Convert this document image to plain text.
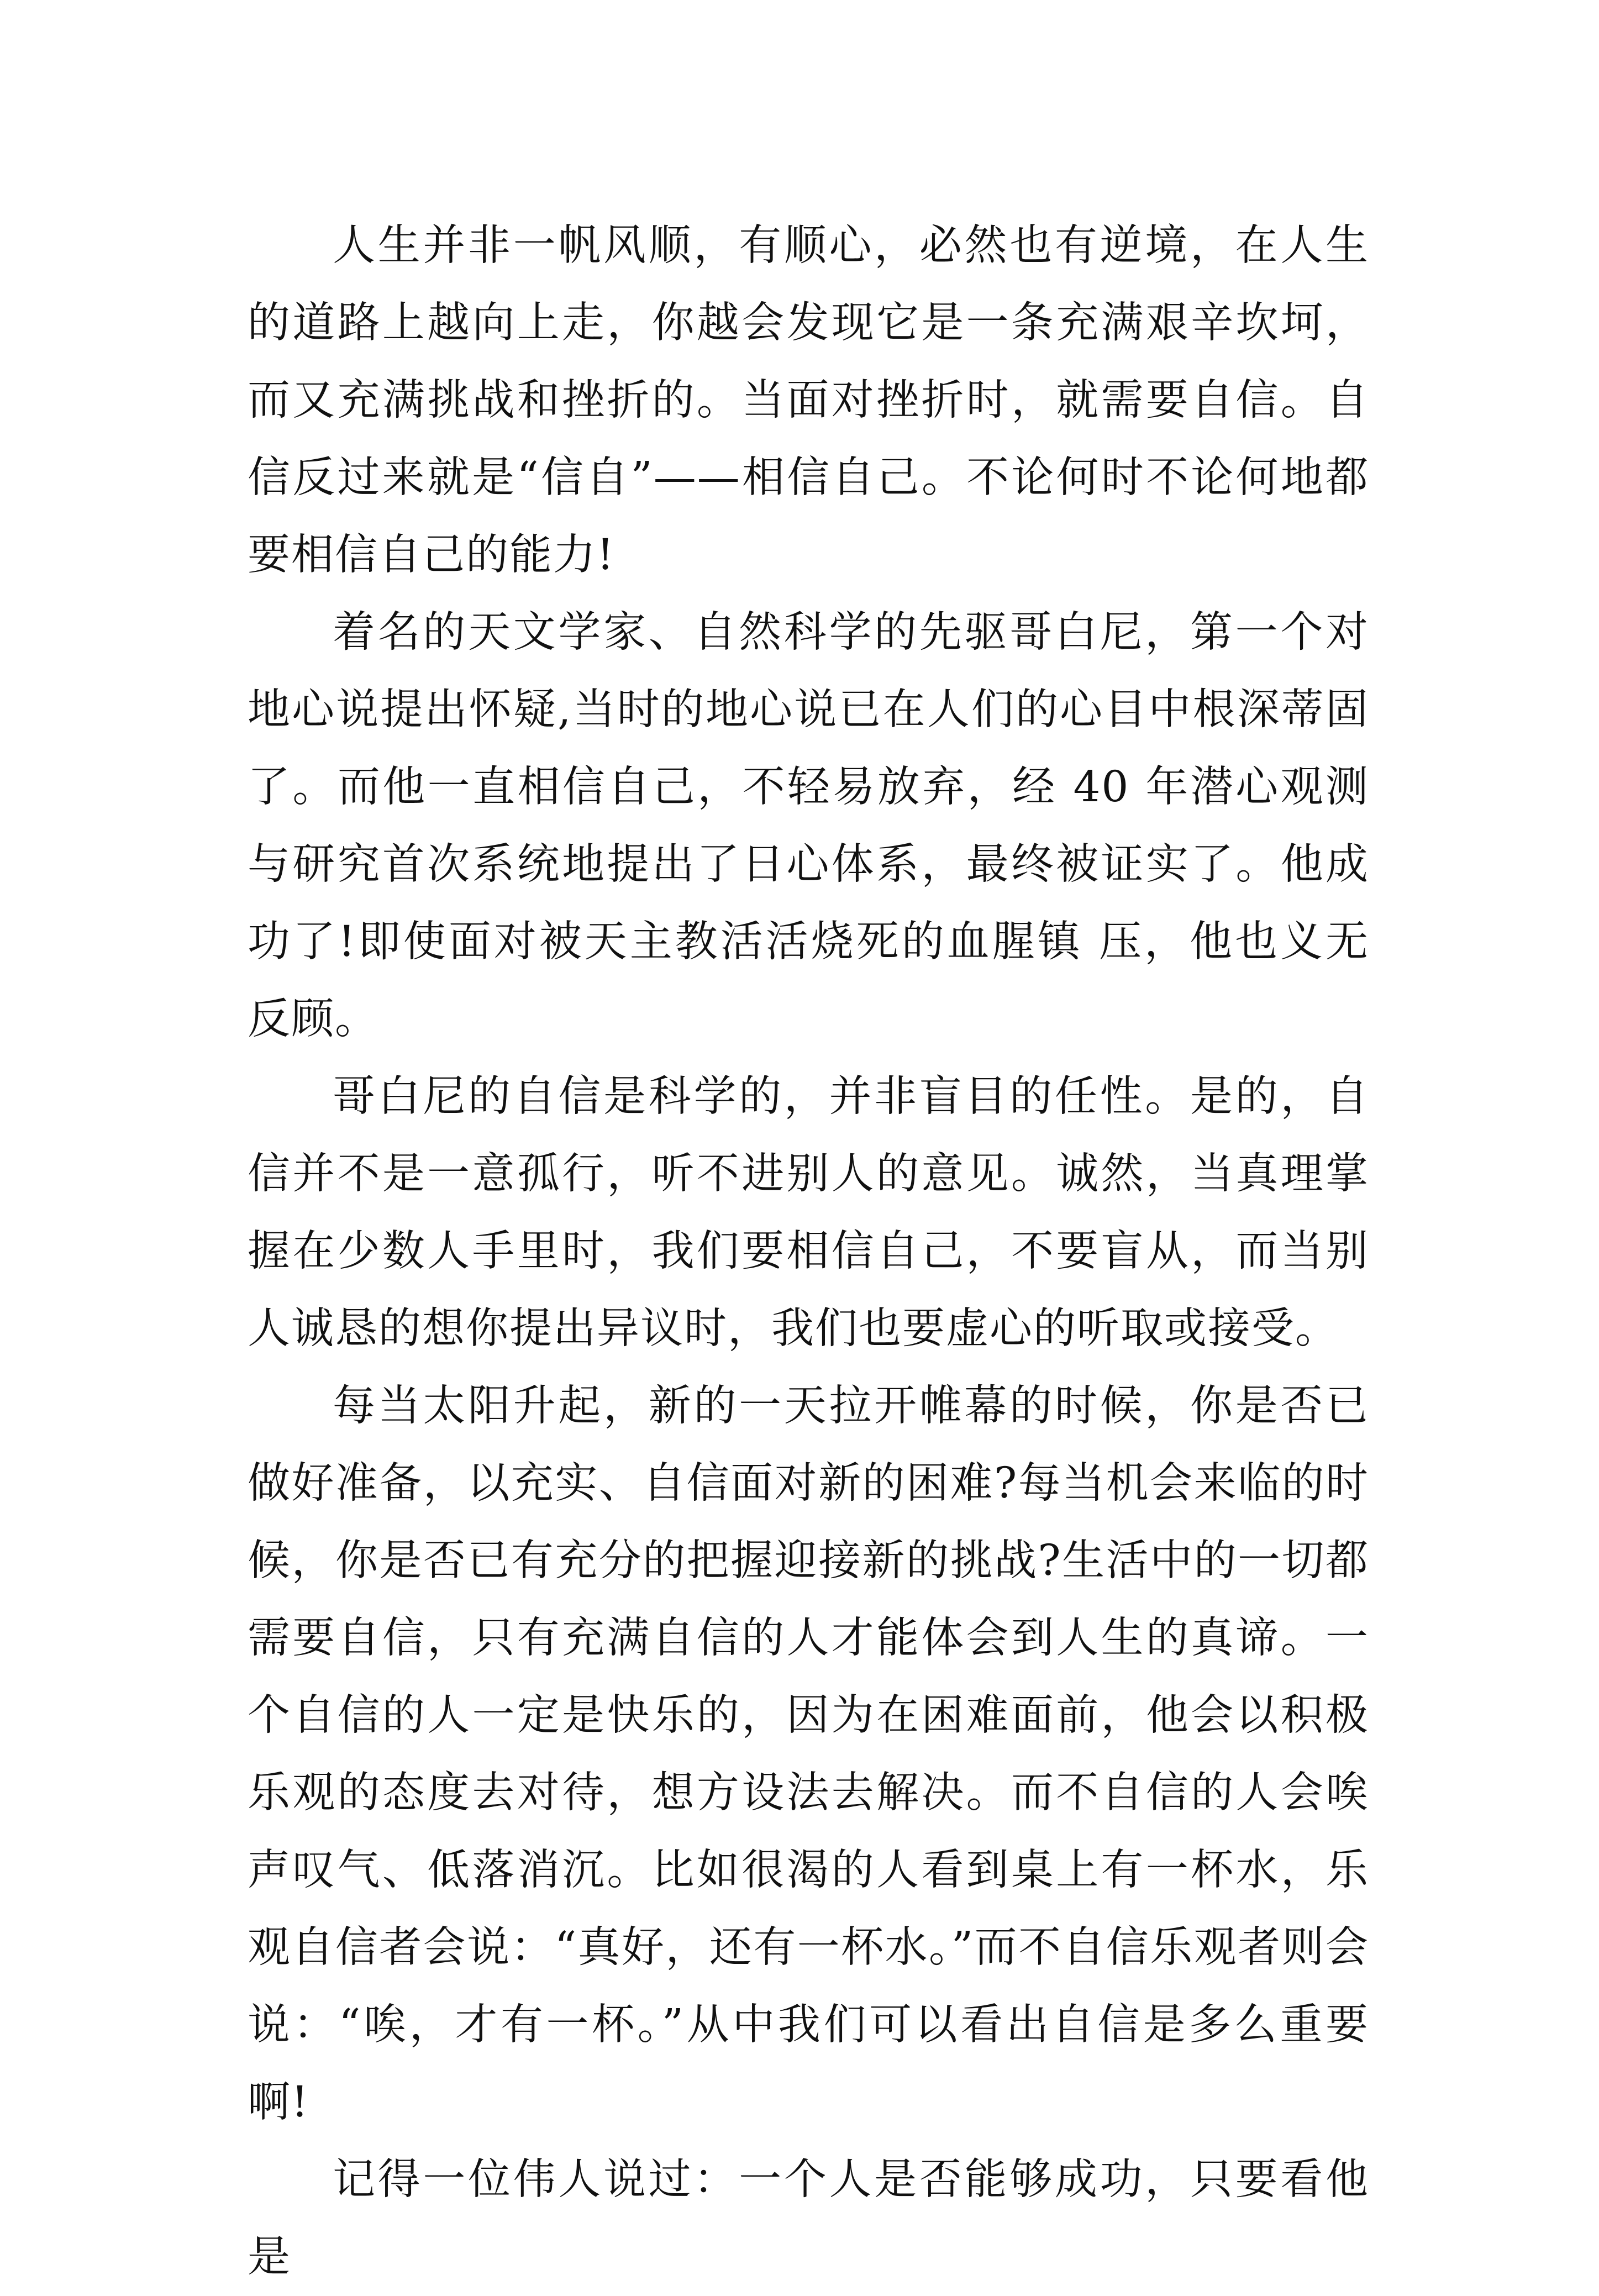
人生并非一帆风顺，有顺心，必然也有逆境，在人生的道路上越向上走，你越会发现它是一条充满艰辛坎坷，而又充满挑战和挫折的。当面对挫折时，就需要自信。自信反过来就是“信自”——相信自己。不论何时不论何地都要相信自己的能力!

着名的天文学家、自然科学的先驱哥白尼，第一个对地心说提出怀疑,当时的地心说已在人们的心目中根深蒂固了。而他一直相信自己，不轻易放弃，经 40 年潜心观测与研究首次系统地提出了日心体系，最终被证实了。他成功了!即使面对被天主教活活烧死的血腥镇 压，他也义无反顾。

哥白尼的自信是科学的，并非盲目的任性。是的，自信并不是一意孤行，听不进别人的意见。诚然，当真理掌握在少数人手里时，我们要相信自己，不要盲从，而当别人诚恳的想你提出异议时，我们也要虚心的听取或接受。

每当太阳升起，新的一天拉开帷幕的时候，你是否已做好准备，以充实、自信面对新的困难?每当机会来临的时候，你是否已有充分的把握迎接新的挑战?生活中的一切都需要自信，只有充满自信的人才能体会到人生的真谛。一个自信的人一定是快乐的，因为在困难面前，他会以积极乐观的态度去对待，想方设法去解决。而不自信的人会唉声叹气、低落消沉。比如很渴的人看到桌上有一杯水，乐观自信者会说：“真好，还有一杯水。”而不自信乐观者则会说：“唉，才有一杯。”从中我们可以看出自信是多么重要啊!

记得一位伟人说过：一个人是否能够成功，只要看他是
